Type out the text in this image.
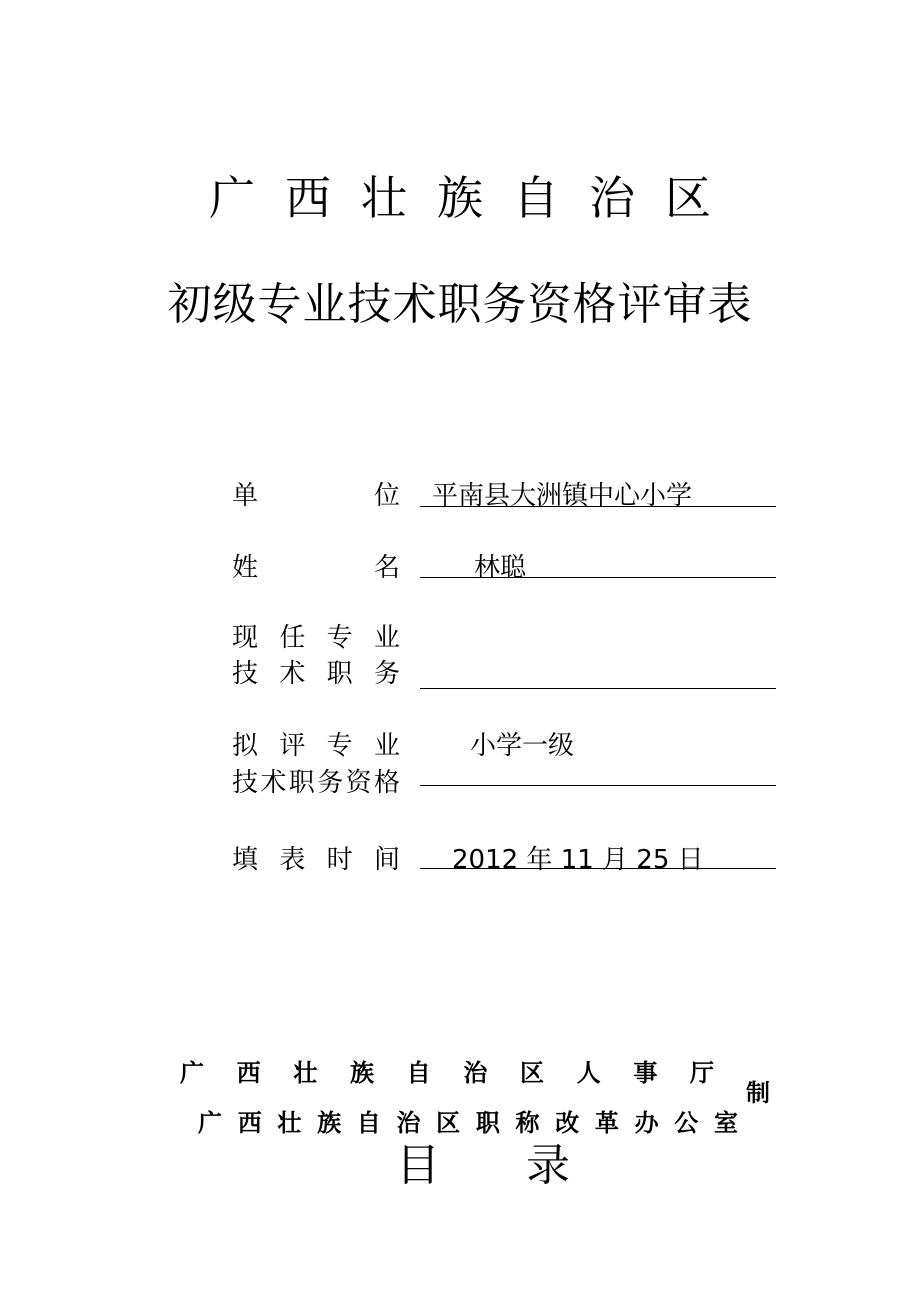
广西壮族自治区
初级专业技术职务资格评审表
单位 平南县大洲镇中心小学
姓名	林聪
现任专业
技术职务
拟评专业	小学一级
技术职务资格
填表时间 2012 年 11 月 25 日
广西壮族自治区人事厅
广西壮族自治区职称改革办公室
制
目录
